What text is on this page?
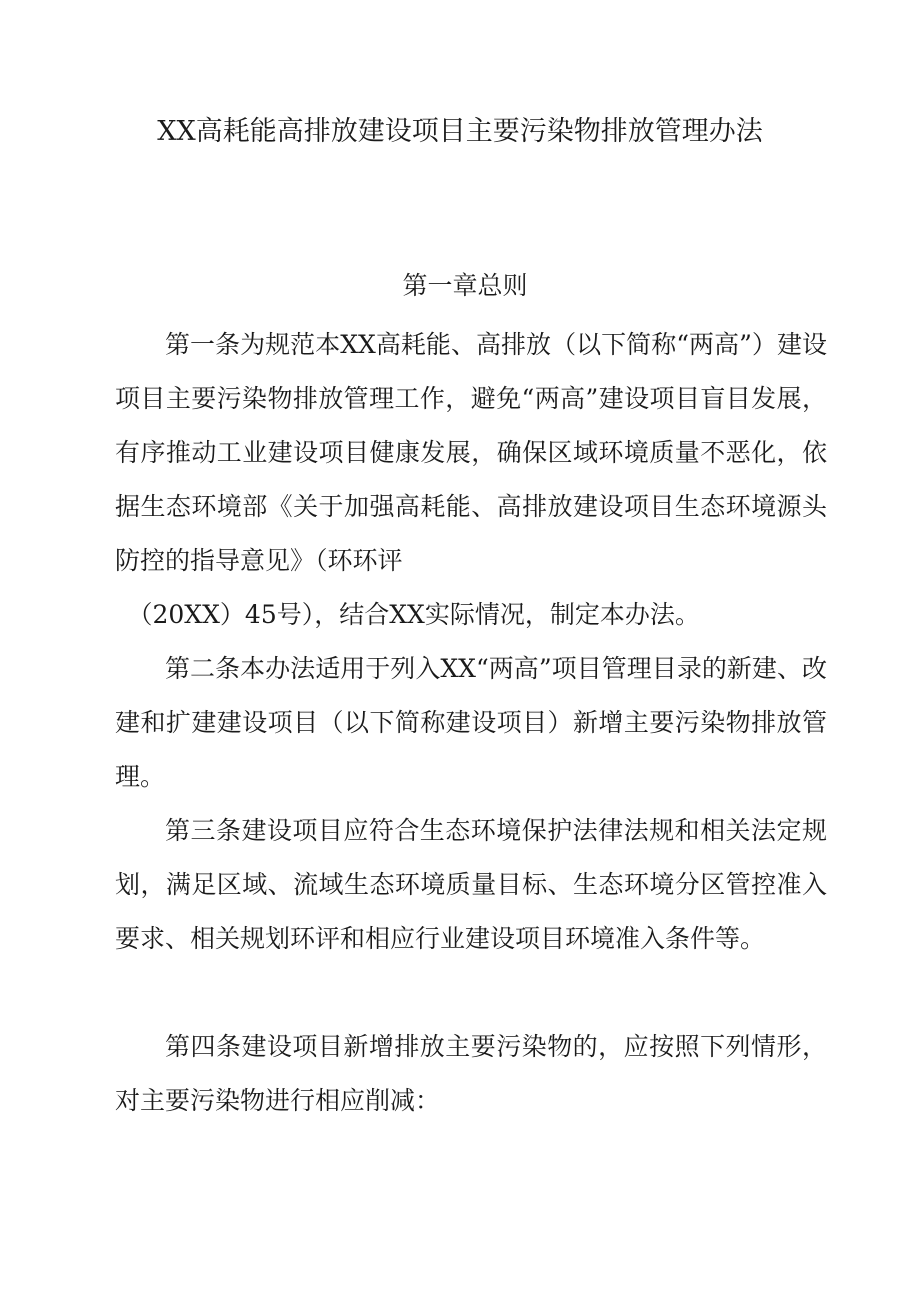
XX高耗能高排放建设项目主要污染物排放管理办法
第一章总则

第一条为规范本XX高耗能、高排放（以下简称“两高”）建设项目主要污染物排放管理工作，避免“两高”建设项目盲目发展，有序推动工业建设项目健康发展，确保区域环境质量不恶化，依据生态环境部《关于加强高耗能、高排放建设项目生态环境源头防控的指导意见》（环环评

（20XX）45号），结合XX实际情况，制定本办法。

第二条本办法适用于列入XX“两高”项目管理目录的新建、改建和扩建建设项目（以下简称建设项目）新增主要污染物排放管理。

第三条建设项目应符合生态环境保护法律法规和相关法定规划，满足区域、流域生态环境质量目标、生态环境分区管控准入要求、相关规划环评和相应行业建设项目环境准入条件等。

第四条建设项目新增排放主要污染物的，应按照下列情形，对主要污染物进行相应削减：
